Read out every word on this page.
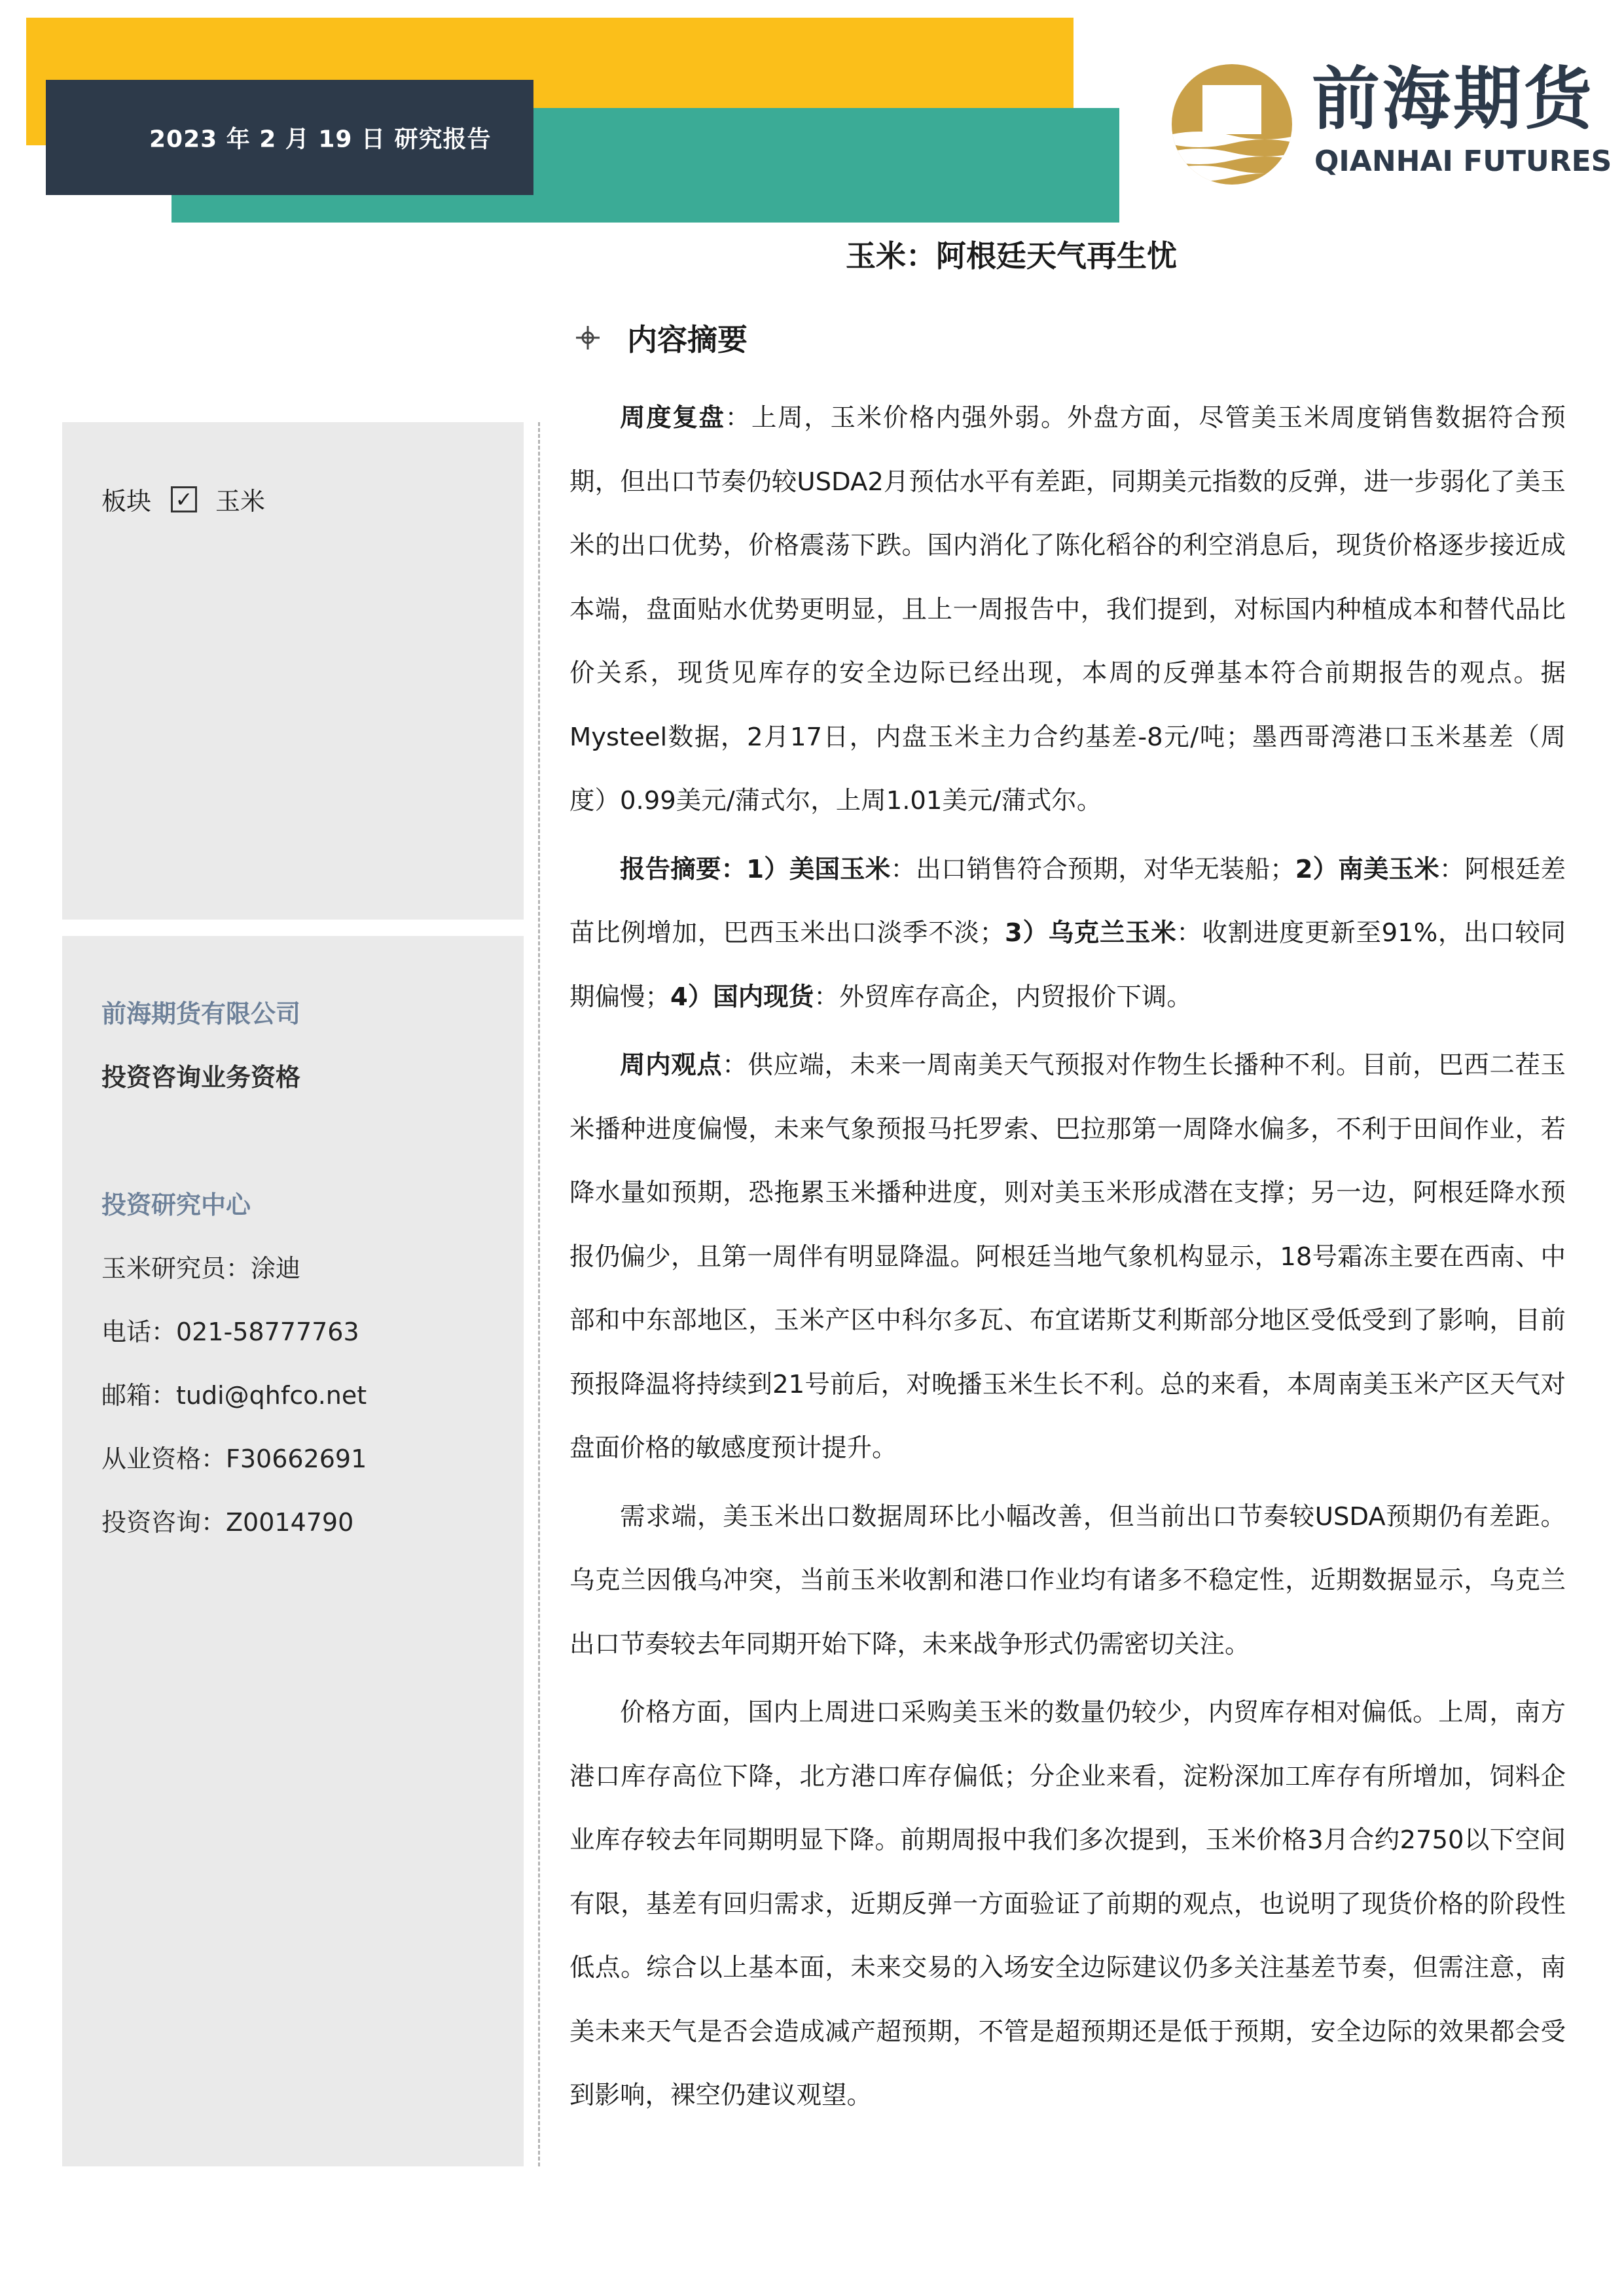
2023 年 2 月 19 日 研究报告
前海期货
QIANHAI FUTURES
玉米：阿根廷天气再生忧
板块 ✓ 玉米
前海期货有限公司
投资咨询业务资格
投资研究中心
玉米研究员：涂迪
电话：021-58777763
邮箱：tudi@qhfco.net
从业资格：F30662691
投资咨询：Z0014790
内容摘要

周度复盘：上周，玉米价格内强外弱。外盘方面，尽管美玉米周度销售数据符合预期，但出口节奏仍较USDA2月预估水平有差距，同期美元指数的反弹，进一步弱化了美玉米的出口优势，价格震荡下跌。国内消化了陈化稻谷的利空消息后，现货价格逐步接近成本端，盘面贴水优势更明显，且上一周报告中，我们提到，对标国内种植成本和替代品比价关系，现货见库存的安全边际已经出现，本周的反弹基本符合前期报告的观点。据Mysteel数据，2月17日，内盘玉米主力合约基差-8元/吨；墨西哥湾港口玉米基差（周度）0.99美元/蒲式尔，上周1.01美元/蒲式尔。

报告摘要：1）美国玉米：出口销售符合预期，对华无装船；2）南美玉米：阿根廷差苗比例增加，巴西玉米出口淡季不淡；3）乌克兰玉米：收割进度更新至91%，出口较同期偏慢；4）国内现货：外贸库存高企，内贸报价下调。

周内观点：供应端，未来一周南美天气预报对作物生长播种不利。目前，巴西二茬玉米播种进度偏慢，未来气象预报马托罗索、巴拉那第一周降水偏多，不利于田间作业，若降水量如预期，恐拖累玉米播种进度，则对美玉米形成潜在支撑；另一边，阿根廷降水预报仍偏少，且第一周伴有明显降温。阿根廷当地气象机构显示，18号霜冻主要在西南、中部和中东部地区，玉米产区中科尔多瓦、布宜诺斯艾利斯部分地区受低受到了影响，目前预报降温将持续到21号前后，对晚播玉米生长不利。总的来看，本周南美玉米产区天气对盘面价格的敏感度预计提升。

需求端，美玉米出口数据周环比小幅改善，但当前出口节奏较USDA预期仍有差距。乌克兰因俄乌冲突，当前玉米收割和港口作业均有诸多不稳定性，近期数据显示，乌克兰出口节奏较去年同期开始下降，未来战争形式仍需密切关注。

价格方面，国内上周进口采购美玉米的数量仍较少，内贸库存相对偏低。上周，南方港口库存高位下降，北方港口库存偏低；分企业来看，淀粉深加工库存有所增加，饲料企业库存较去年同期明显下降。前期周报中我们多次提到，玉米价格3月合约2750以下空间有限，基差有回归需求，近期反弹一方面验证了前期的观点，也说明了现货价格的阶段性低点。综合以上基本面，未来交易的入场安全边际建议仍多关注基差节奏，但需注意，南美未来天气是否会造成减产超预期，不管是超预期还是低于预期，安全边际的效果都会受到影响，裸空仍建议观望。
